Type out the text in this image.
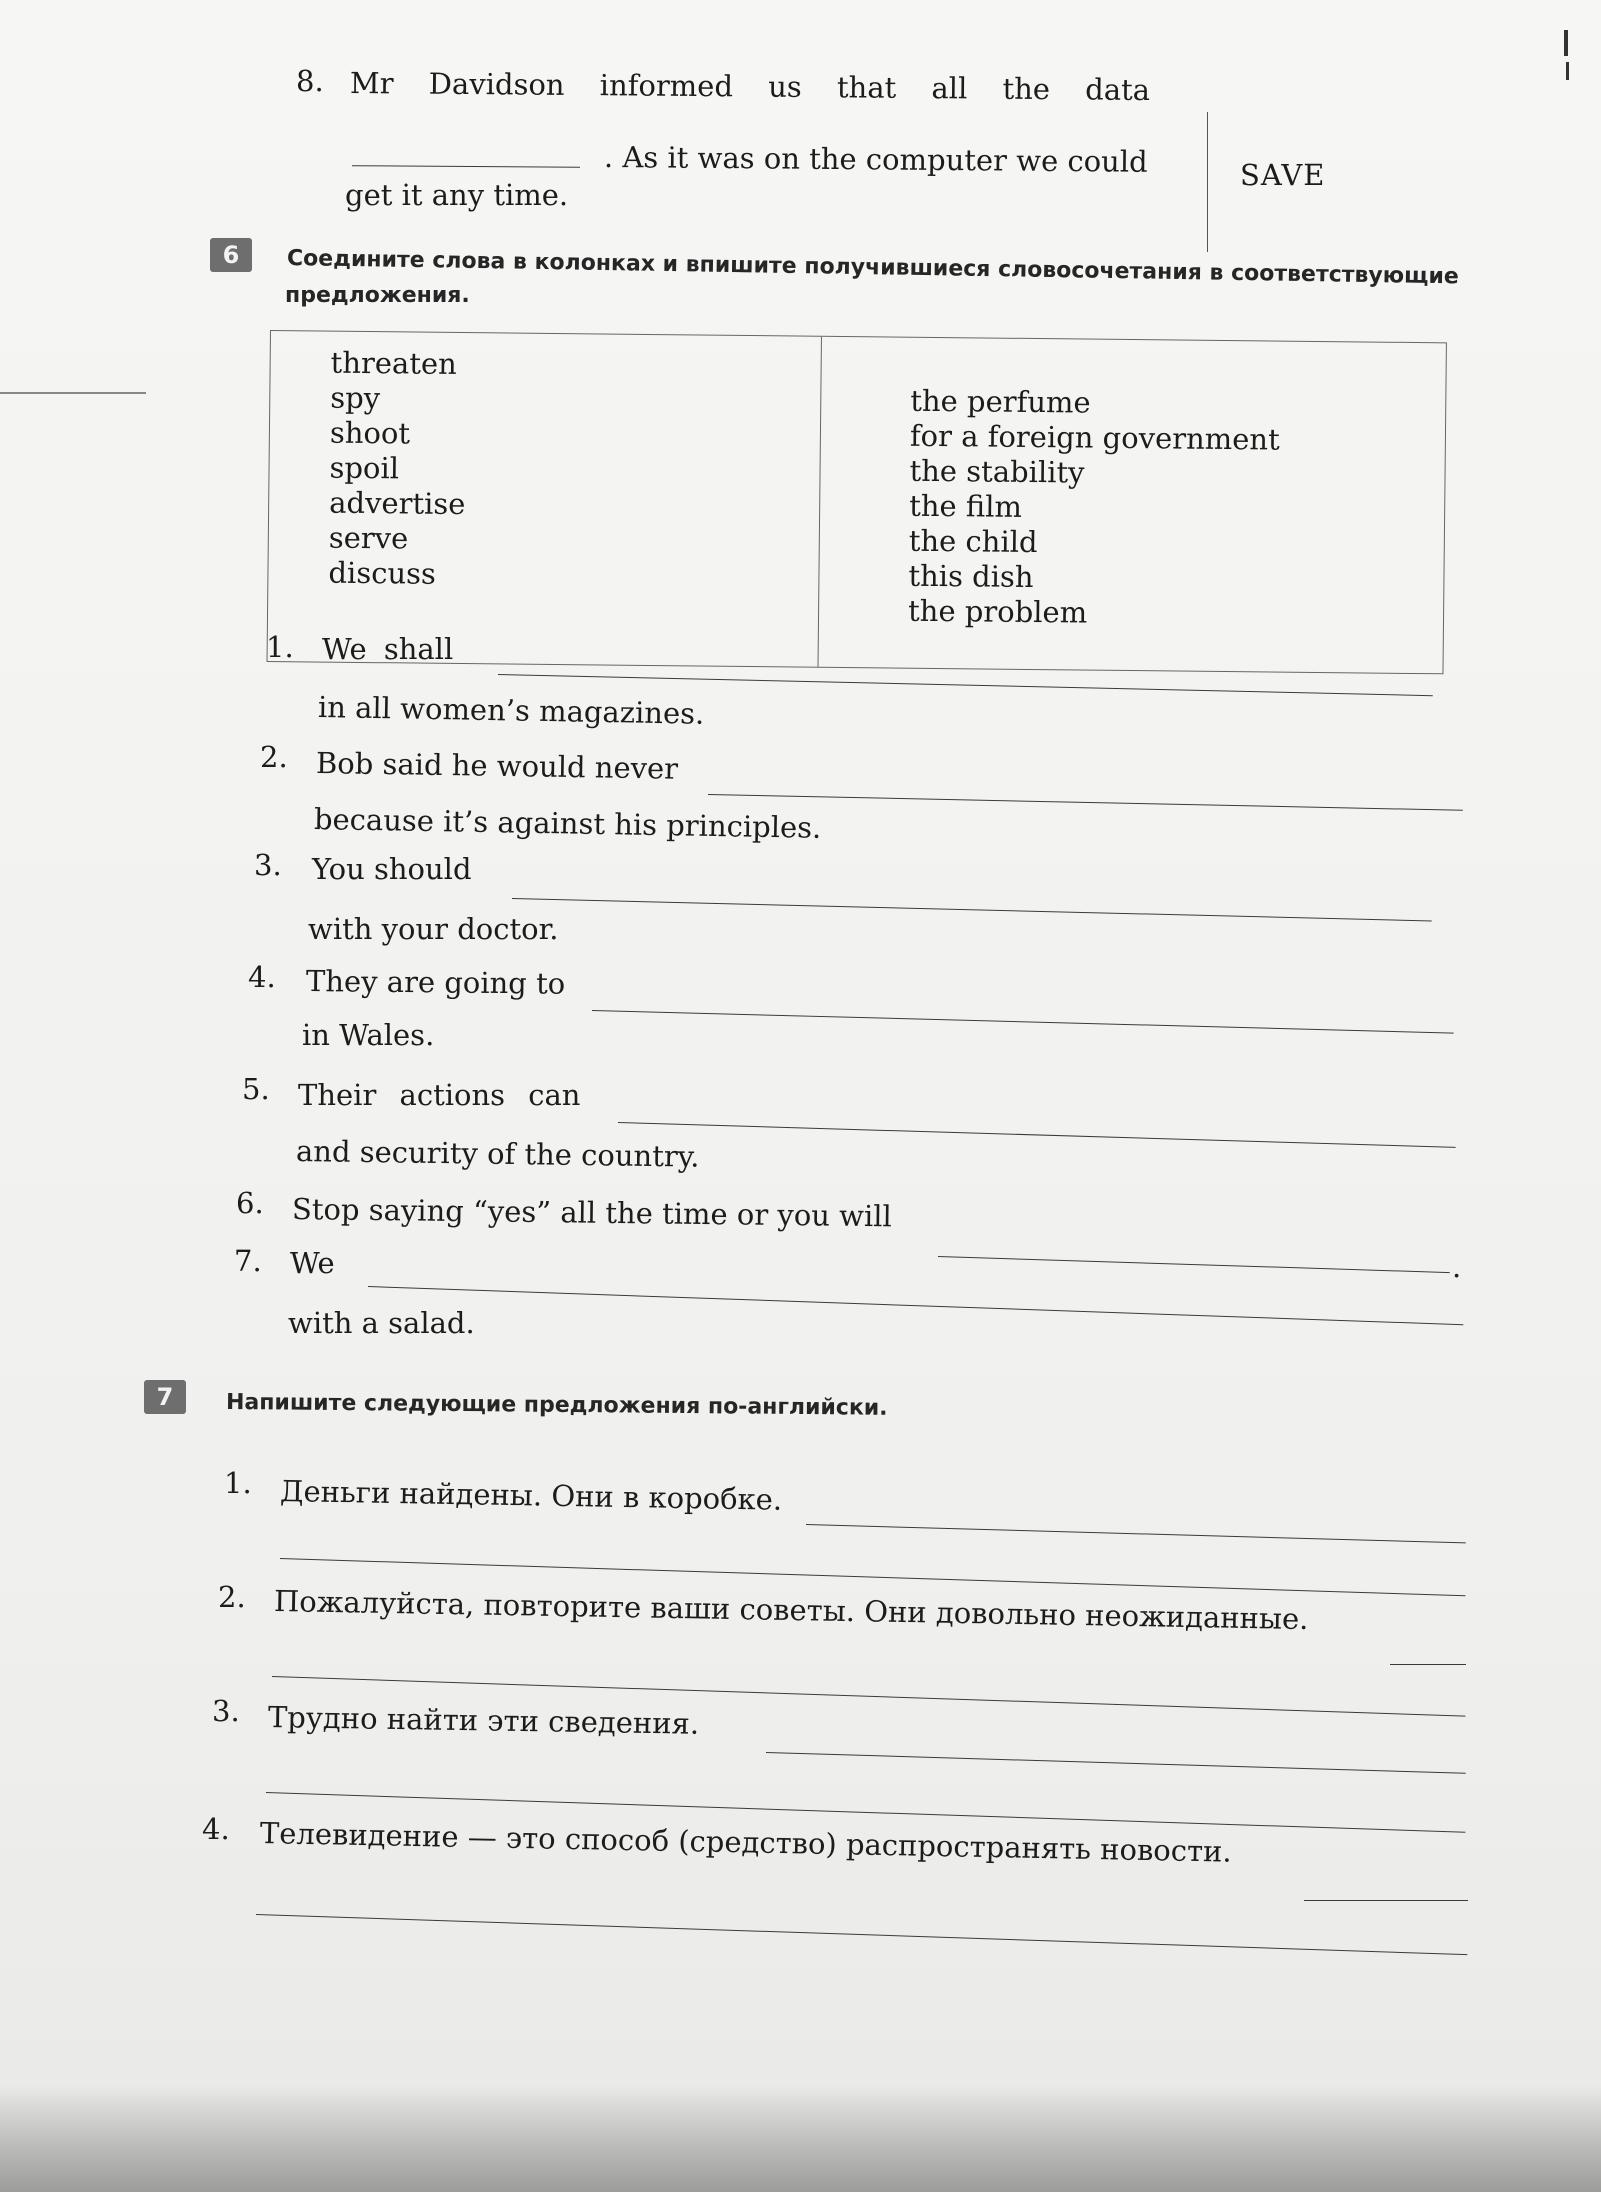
8. Mr Davidson informed us that all the data
. As it was on the computer we could
get it any time.
SAVE
6	Соедините слова в колонках и впишите получившиеся словосочетания в соответствующие
предложения.
threaten
spy
shoot
spoil
advertise
serve
discuss
the perfume
for a foreign government
the stability
the film
the child
this dish
the problem
1. We shall
in all women’s magazines.
2. Bob said he would never
because it’s against his principles.
3. You should
with your doctor.
4. They are going to
in Wales.
5. Their actions can
and security of the country.
6. Stop saying “yes” all the time or you will
.
7. We
with a salad.
7	Напишите следующие предложения по-английски.
1. Деньги найдены. Они в коробке.
2. Пожалуйста, повторите ваши советы. Они довольно неожиданные.
3. Трудно найти эти сведения.
4. Телевидение — это способ (средство) распространять новости.
